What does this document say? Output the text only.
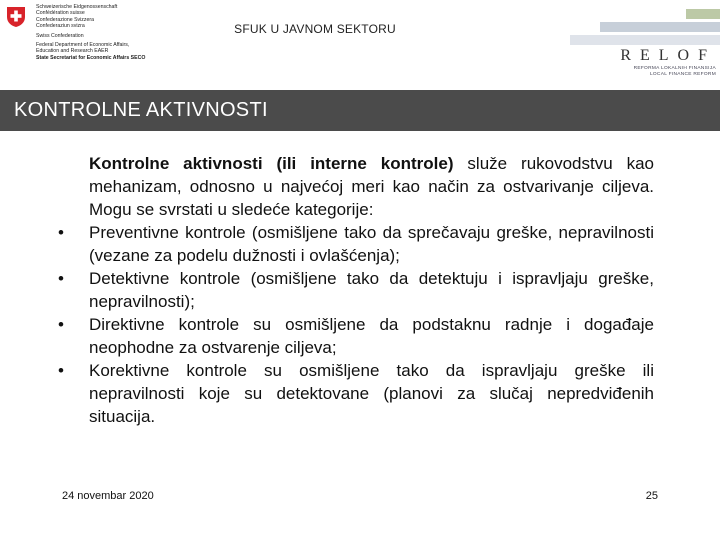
Schweizerische Eidgenossenschaft
Confédération suisse
Confederazione Svizzera
Confederaziun svizra
Swiss Confederation
Federal Department of Economic Affairs,
Education and Research EAER
State Secretariat for Economic Affairs SECO
SFUK U JAVNOM SEKTORU
RELOF
REFORMA LOKALNIH FINANSIJA
LOCAL FINANCE REFORM
KONTROLNE AKTIVNOSTI
Kontrolne aktivnosti (ili interne kontrole) služe rukovodstvu kao mehanizam, odnosno u najvećoj meri kao način za ostvarivanje ciljeva. Mogu se svrstati u sledeće kategorije:
• Preventivne kontrole (osmišljene tako da sprečavaju greške, nepravilnosti (vezane za podelu dužnosti i ovlašćenja);
• Detektivne kontrole (osmišljene tako da detektuju i ispravljaju greške, nepravilnosti);
• Direktivne kontrole su osmišljene da podstaknu radnje i događaje neophodne za ostvarenje ciljeva;
• Korektivne kontrole su osmišljene tako da ispravljaju greške ili nepravilnosti koje su detektovane (planovi za slučaj nepredviđenih situacija.
24 novembar 2020	25
